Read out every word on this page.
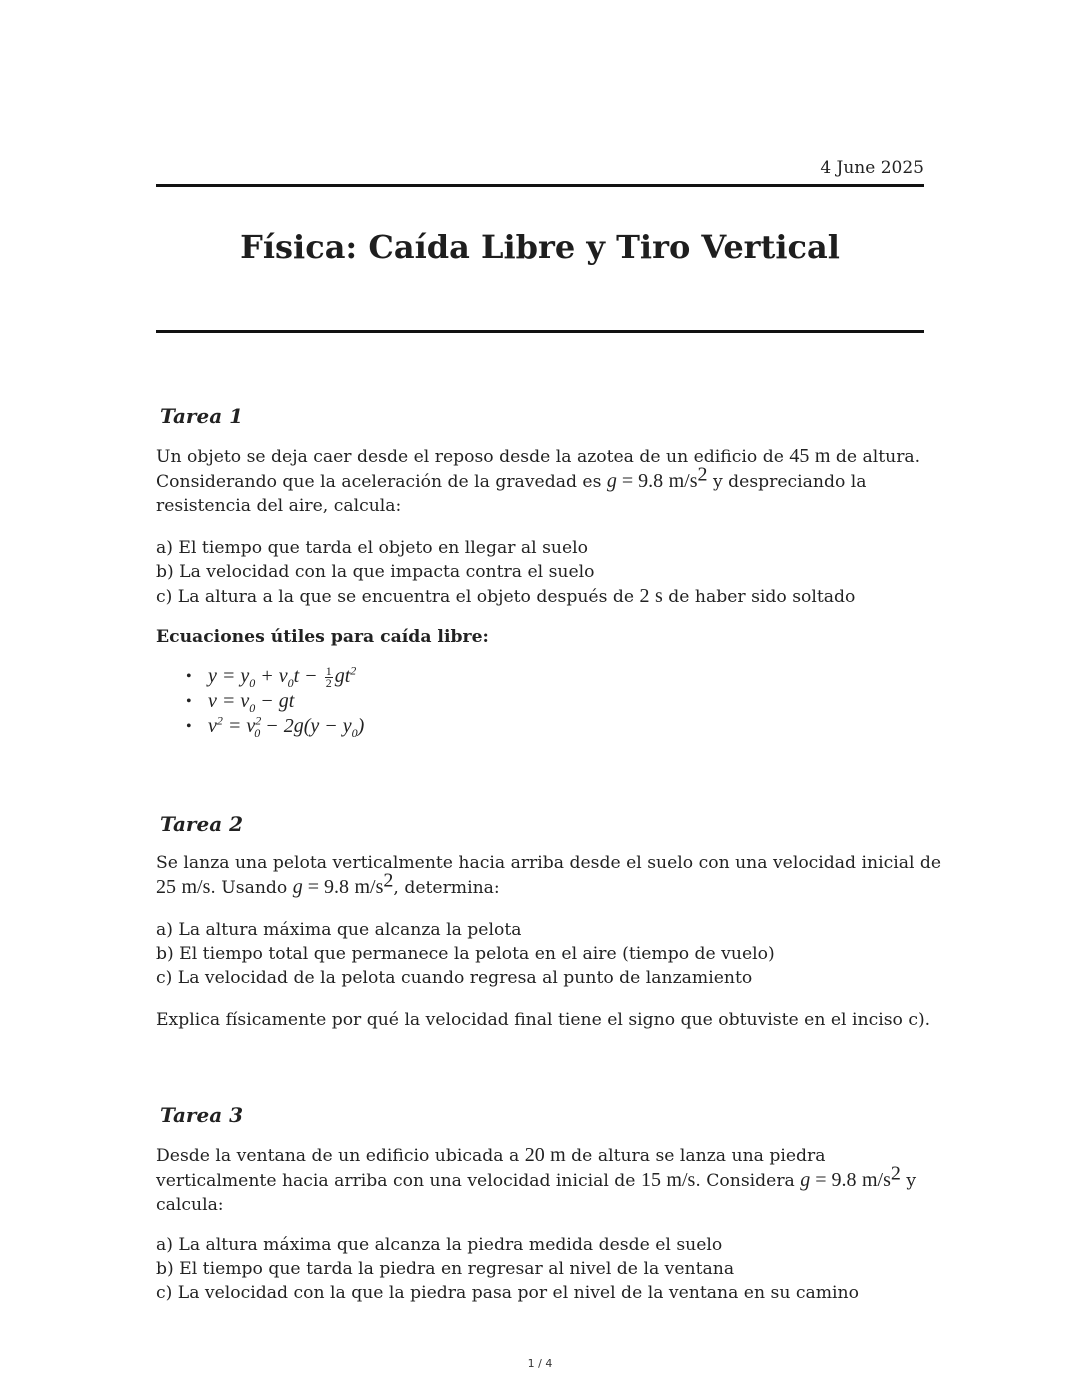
4 June 2025
Física: Caída Libre y Tiro Vertical
Tarea 1
Un objeto se deja caer desde el reposo desde la azotea de un edificio de 45 m de altura.
Considerando que la aceleración de la gravedad es g = 9.8 $m/s^2$ y despreciando la
resistencia del aire, calcula:
a) El tiempo que tarda el objeto en llegar al suelo
b) La velocidad con la que impacta contra el suelo
c) La altura a la que se encuentra el objeto después de 2 s de haber sido soltado
Ecuaciones útiles para caída libre:
• $y = y_0 + v_0t - \frac{1}{2} gt^2$
• $v = v_0$ − gt
• $v^2 = v^2_0 - 2g(y - y_0)$
Tarea 2
Se lanza una pelota verticalmente hacia arriba desde el suelo con una velocidad inicial de
25 m/s. Usando g = 9.8 $m/s^2$, determina:
a) La altura máxima que alcanza la pelota
b) El tiempo total que permanece la pelota en el aire (tiempo de vuelo)
c) La velocidad de la pelota cuando regresa al punto de lanzamiento
Explica físicamente por qué la velocidad final tiene el signo que obtuviste en el inciso c).
Tarea 3
Desde la ventana de un edificio ubicada a 20 m de altura se lanza una piedra
verticalmente hacia arriba con una velocidad inicial de 15 m/s. Considera g = 9.8 $m/s^2$ y
calcula:
a) La altura máxima que alcanza la piedra medida desde el suelo
b) El tiempo que tarda la piedra en regresar al nivel de la ventana
c) La velocidad con la que la piedra pasa por el nivel de la ventana en su camino
1 / 4
